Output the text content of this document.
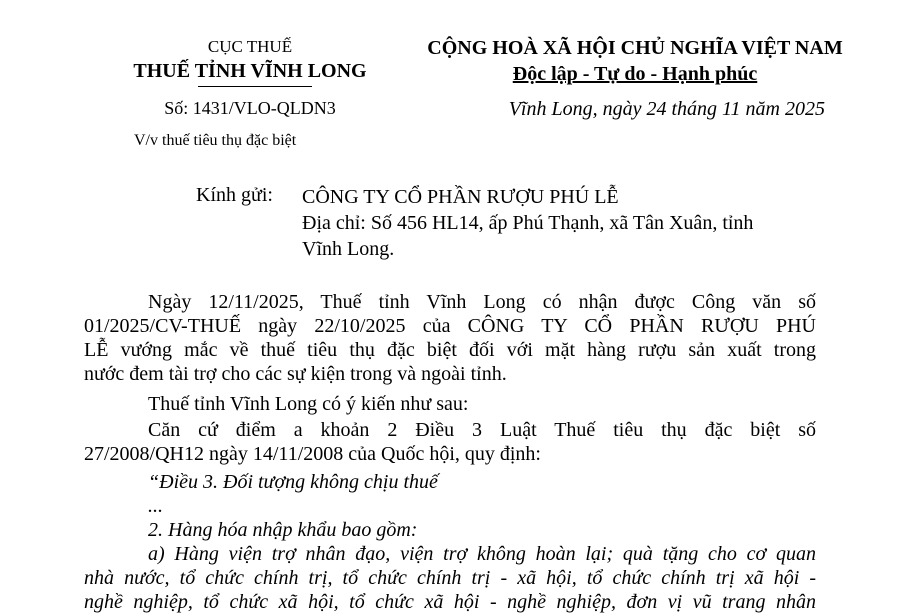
CỤC THUẾ
THUẾ TỈNH VĨNH LONG
Số: 1431/VLO-QLDN3
V/v thuế tiêu thụ đặc biệt
CỘNG HOÀ XÃ HỘI CHỦ NGHĨA VIỆT NAM
Độc lập - Tự do - Hạnh phúc
Vĩnh Long, ngày 24 tháng 11 năm 2025
Kính gửi: CÔNG TY CỔ PHẦN RƯỢU PHÚ LỄ
Địa chỉ: Số 456 HL14, ấp Phú Thạnh, xã Tân Xuân, tỉnh
Vĩnh Long.
Ngày 12/11/2025, Thuế tỉnh Vĩnh Long có nhận được Công văn số
01/2025/CV-THUẾ ngày 22/10/2025 của CÔNG TY CỔ PHẦN RƯỢU PHÚ
LỄ vướng mắc về thuế tiêu thụ đặc biệt đối với mặt hàng rượu sản xuất trong
nước đem tài trợ cho các sự kiện trong và ngoài tỉnh.
Thuế tỉnh Vĩnh Long có ý kiến như sau:
Căn cứ điểm a khoản 2 Điều 3 Luật Thuế tiêu thụ đặc biệt số
27/2008/QH12 ngày 14/11/2008 của Quốc hội, quy định:
“Điều 3. Đối tượng không chịu thuế
...
2. Hàng hóa nhập khẩu bao gồm:
a) Hàng viện trợ nhân đạo, viện trợ không hoàn lại; quà tặng cho cơ quan
nhà nước, tổ chức chính trị, tổ chức chính trị - xã hội, tổ chức chính trị xã hội -
nghề nghiệp, tổ chức xã hội, tổ chức xã hội - nghề nghiệp, đơn vị vũ trang nhân
